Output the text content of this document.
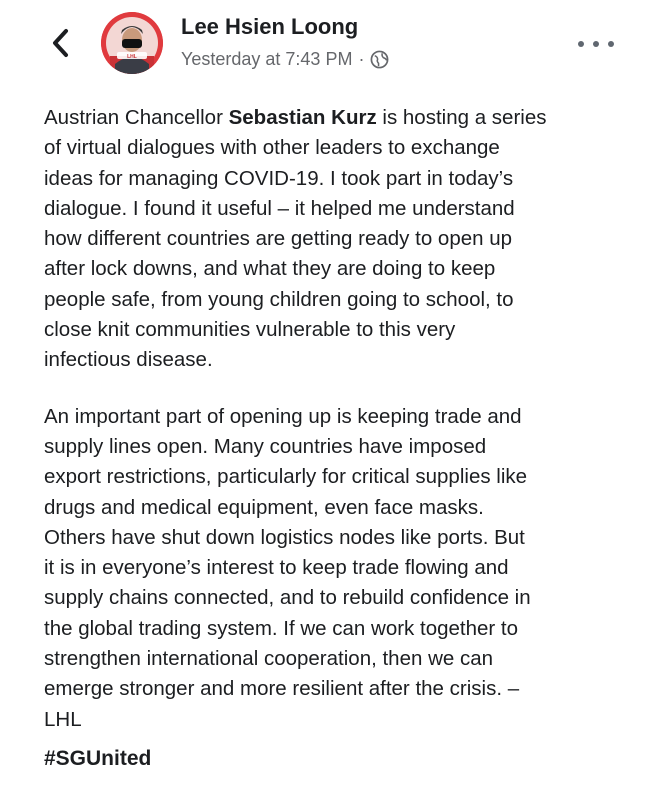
LHL
Lee Hsien Loong
Yesterday at 7:43 PM ·

Austrian Chancellor Sebastian Kurz is hosting a series
of virtual dialogues with other leaders to exchange
ideas for managing COVID-19. I took part in today’s
dialogue. I found it useful – it helped me understand
how different countries are getting ready to open up
after lock downs, and what they are doing to keep
people safe, from young children going to school, to
close knit communities vulnerable to this very
infectious disease.

An important part of opening up is keeping trade and
supply lines open. Many countries have imposed
export restrictions, particularly for critical supplies like
drugs and medical equipment, even face masks.
Others have shut down logistics nodes like ports. But
it is in everyone’s interest to keep trade flowing and
supply chains connected, and to rebuild confidence in
the global trading system. If we can work together to
strengthen international cooperation, then we can
emerge stronger and more resilient after the crisis. –
LHL

#SGUnited
